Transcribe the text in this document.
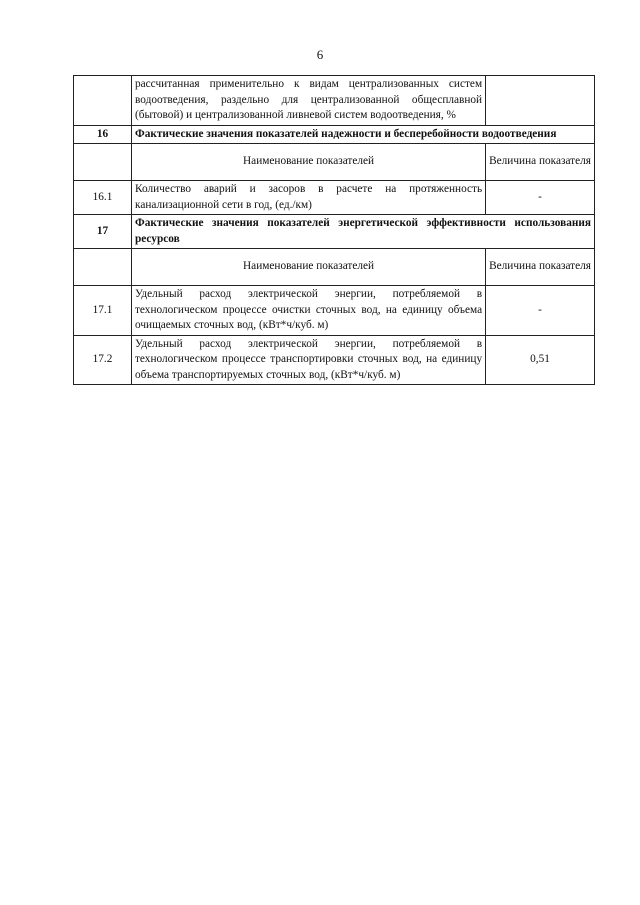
6
	рассчитанная применительно к видам централизованных систем водоотведения, раздельно для централизованной общесплавной (бытовой) и централизованной ливневой систем водоотведения, %	
16	Фактические значения показателей надежности и бесперебойности водоотведения	
	Наименование показателей	Величина показателя
16.1	Количество аварий и засоров в расчете на протяженность канализационной сети в год, (ед./км)	-
17	Фактические значения показателей энергетической эффективности использования ресурсов	
	Наименование показателей	Величина показателя
17.1	Удельный расход электрической энергии, потребляемой в технологическом процессе очистки сточных вод, на единицу объема очищаемых сточных вод, (кВт*ч/куб. м)	-
17.2	Удельный расход электрической энергии, потребляемой в технологическом процессе транспортировки сточных вод, на единицу объема транспортируемых сточных вод, (кВт*ч/куб. м)	0,51
